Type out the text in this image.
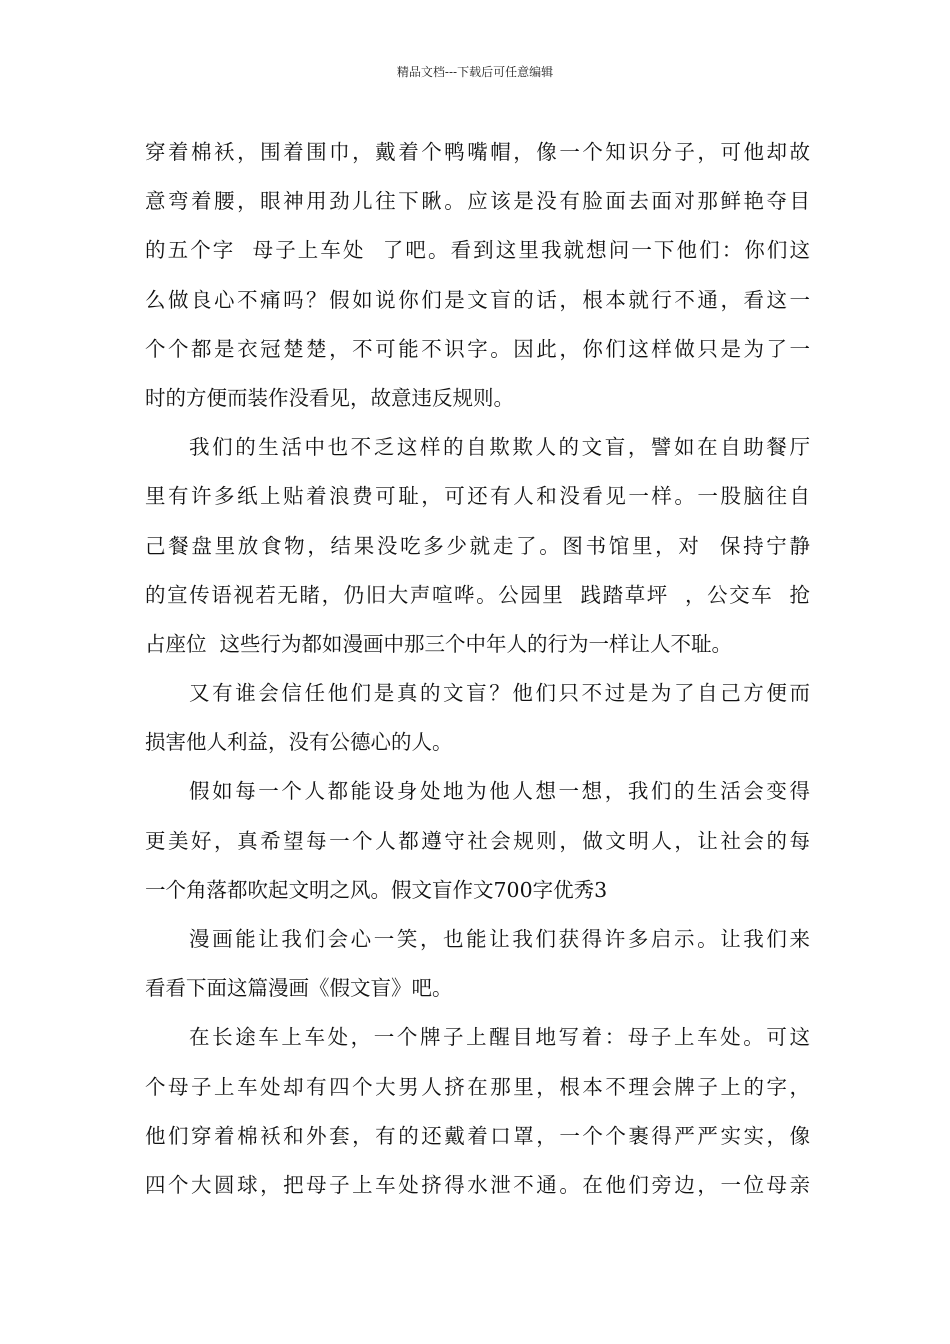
精品文档---下载后可任意编辑
穿着棉袄，围着围巾，戴着个鸭嘴帽，像一个知识分子，可他却故
意弯着腰，眼神用劲儿往下瞅。应该是没有脸面去面对那鲜艳夺目
的五个字  母子上车处  了吧。看到这里我就想问一下他们：你们这
么做良心不痛吗？假如说你们是文盲的话，根本就行不通，看这一
个个都是衣冠楚楚，不可能不识字。因此，你们这样做只是为了一
时的方便而装作没看见，故意违反规则。
我们的生活中也不乏这样的自欺欺人的文盲，譬如在自助餐厅
里有许多纸上贴着浪费可耻，可还有人和没看见一样。一股脑往自
己餐盘里放食物，结果没吃多少就走了。图书馆里，对  保持宁静
的宣传语视若无睹，仍旧大声喧哗。公园里  践踏草坪  ，公交车  抢
占座位  这些行为都如漫画中那三个中年人的行为一样让人不耻。
又有谁会信任他们是真的文盲？他们只不过是为了自己方便而
损害他人利益，没有公德心的人。
假如每一个人都能设身处地为他人想一想，我们的生活会变得
更美好，真希望每一个人都遵守社会规则，做文明人，让社会的每
一个角落都吹起文明之风。假文盲作文700字优秀3
漫画能让我们会心一笑，也能让我们获得许多启示。让我们来
看看下面这篇漫画《假文盲》吧。
在长途车上车处，一个牌子上醒目地写着：母子上车处。可这
个母子上车处却有四个大男人挤在那里，根本不理会牌子上的字，
他们穿着棉袄和外套，有的还戴着口罩，一个个裹得严严实实，像
四个大圆球，把母子上车处挤得水泄不通。在他们旁边，一位母亲
